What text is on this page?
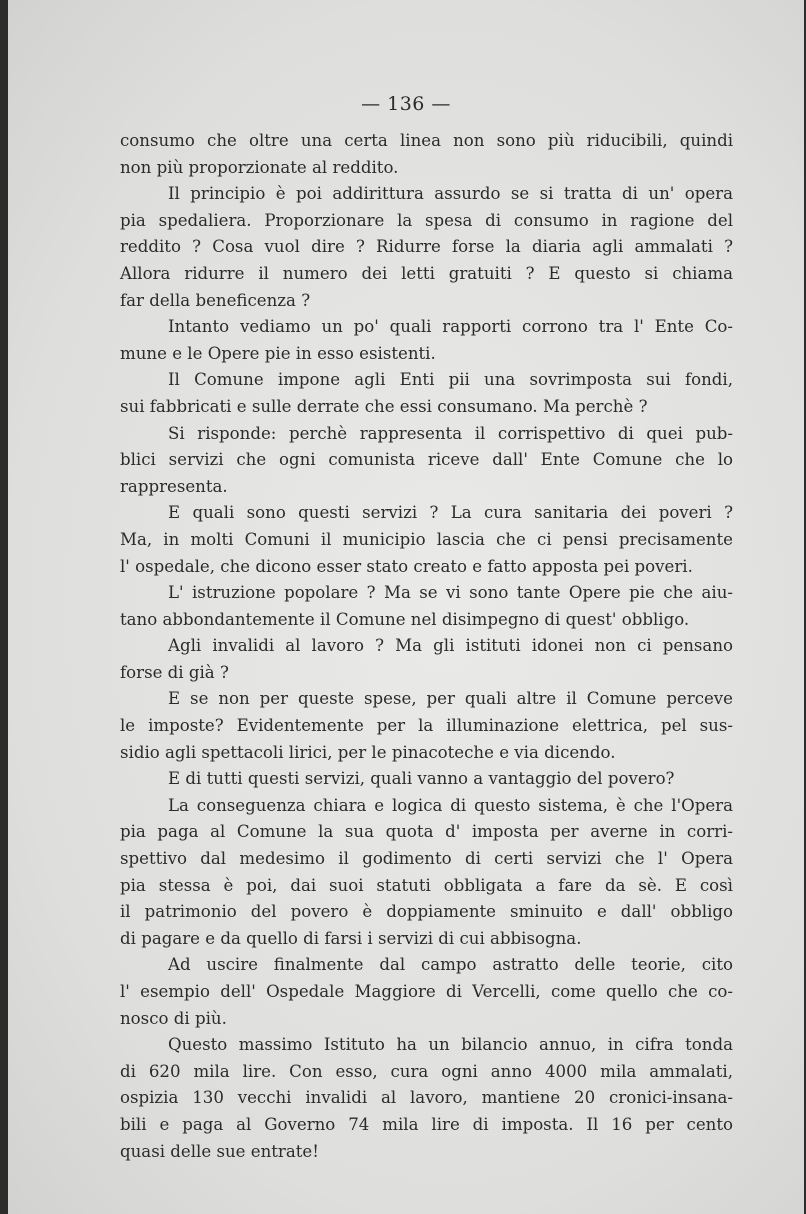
— 136 —
consumo che oltre una certa linea non sono più riducibili, quindi
non più proporzionate al reddito.
Il principio è poi addirittura assurdo se si tratta di un' opera
pia spedaliera. Proporzionare la spesa di consumo in ragione del
reddito ? Cosa vuol dire ? Ridurre forse la diaria agli ammalati ?
Allora ridurre il numero dei letti gratuiti ? E questo si chiama
far della beneficenza ?
Intanto vediamo un po' quali rapporti corrono tra l' Ente Co-
mune e le Opere pie in esso esistenti.
Il Comune impone agli Enti pii una sovrimposta sui fondi,
sui fabbricati e sulle derrate che essi consumano. Ma perchè ?
Si risponde: perchè rappresenta il corrispettivo di quei pub-
blici servizi che ogni comunista riceve dall' Ente Comune che lo
rappresenta.
E quali sono questi servizi ? La cura sanitaria dei poveri ?
Ma, in molti Comuni il municipio lascia che ci pensi precisamente
l' ospedale, che dicono esser stato creato e fatto apposta pei poveri.
L' istruzione popolare ? Ma se vi sono tante Opere pie che aiu-
tano abbondantemente il Comune nel disimpegno di quest' obbligo.
Agli invalidi al lavoro ? Ma gli istituti idonei non ci pensano
forse di già ?
E se non per queste spese, per quali altre il Comune perceve
le imposte? Evidentemente per la illuminazione elettrica, pel sus-
sidio agli spettacoli lirici, per le pinacoteche e via dicendo.
E di tutti questi servizi, quali vanno a vantaggio del povero?
La conseguenza chiara e logica di questo sistema, è che l'Opera
pia paga al Comune la sua quota d' imposta per averne in corri-
spettivo dal medesimo il godimento di certi servizi che l' Opera
pia stessa è poi, dai suoi statuti obbligata a fare da sè. E così
il patrimonio del povero è doppiamente sminuito e dall' obbligo
di pagare e da quello di farsi i servizi di cui abbisogna.
Ad uscire finalmente dal campo astratto delle teorie, cito
l' esempio dell' Ospedale Maggiore di Vercelli, come quello che co-
nosco di più.
Questo massimo Istituto ha un bilancio annuo, in cifra tonda
di 620 mila lire. Con esso, cura ogni anno 4000 mila ammalati,
ospizia 130 vecchi invalidi al lavoro, mantiene 20 cronici-insana-
bili e paga al Governo 74 mila lire di imposta. Il 16 per cento
quasi delle sue entrate!
